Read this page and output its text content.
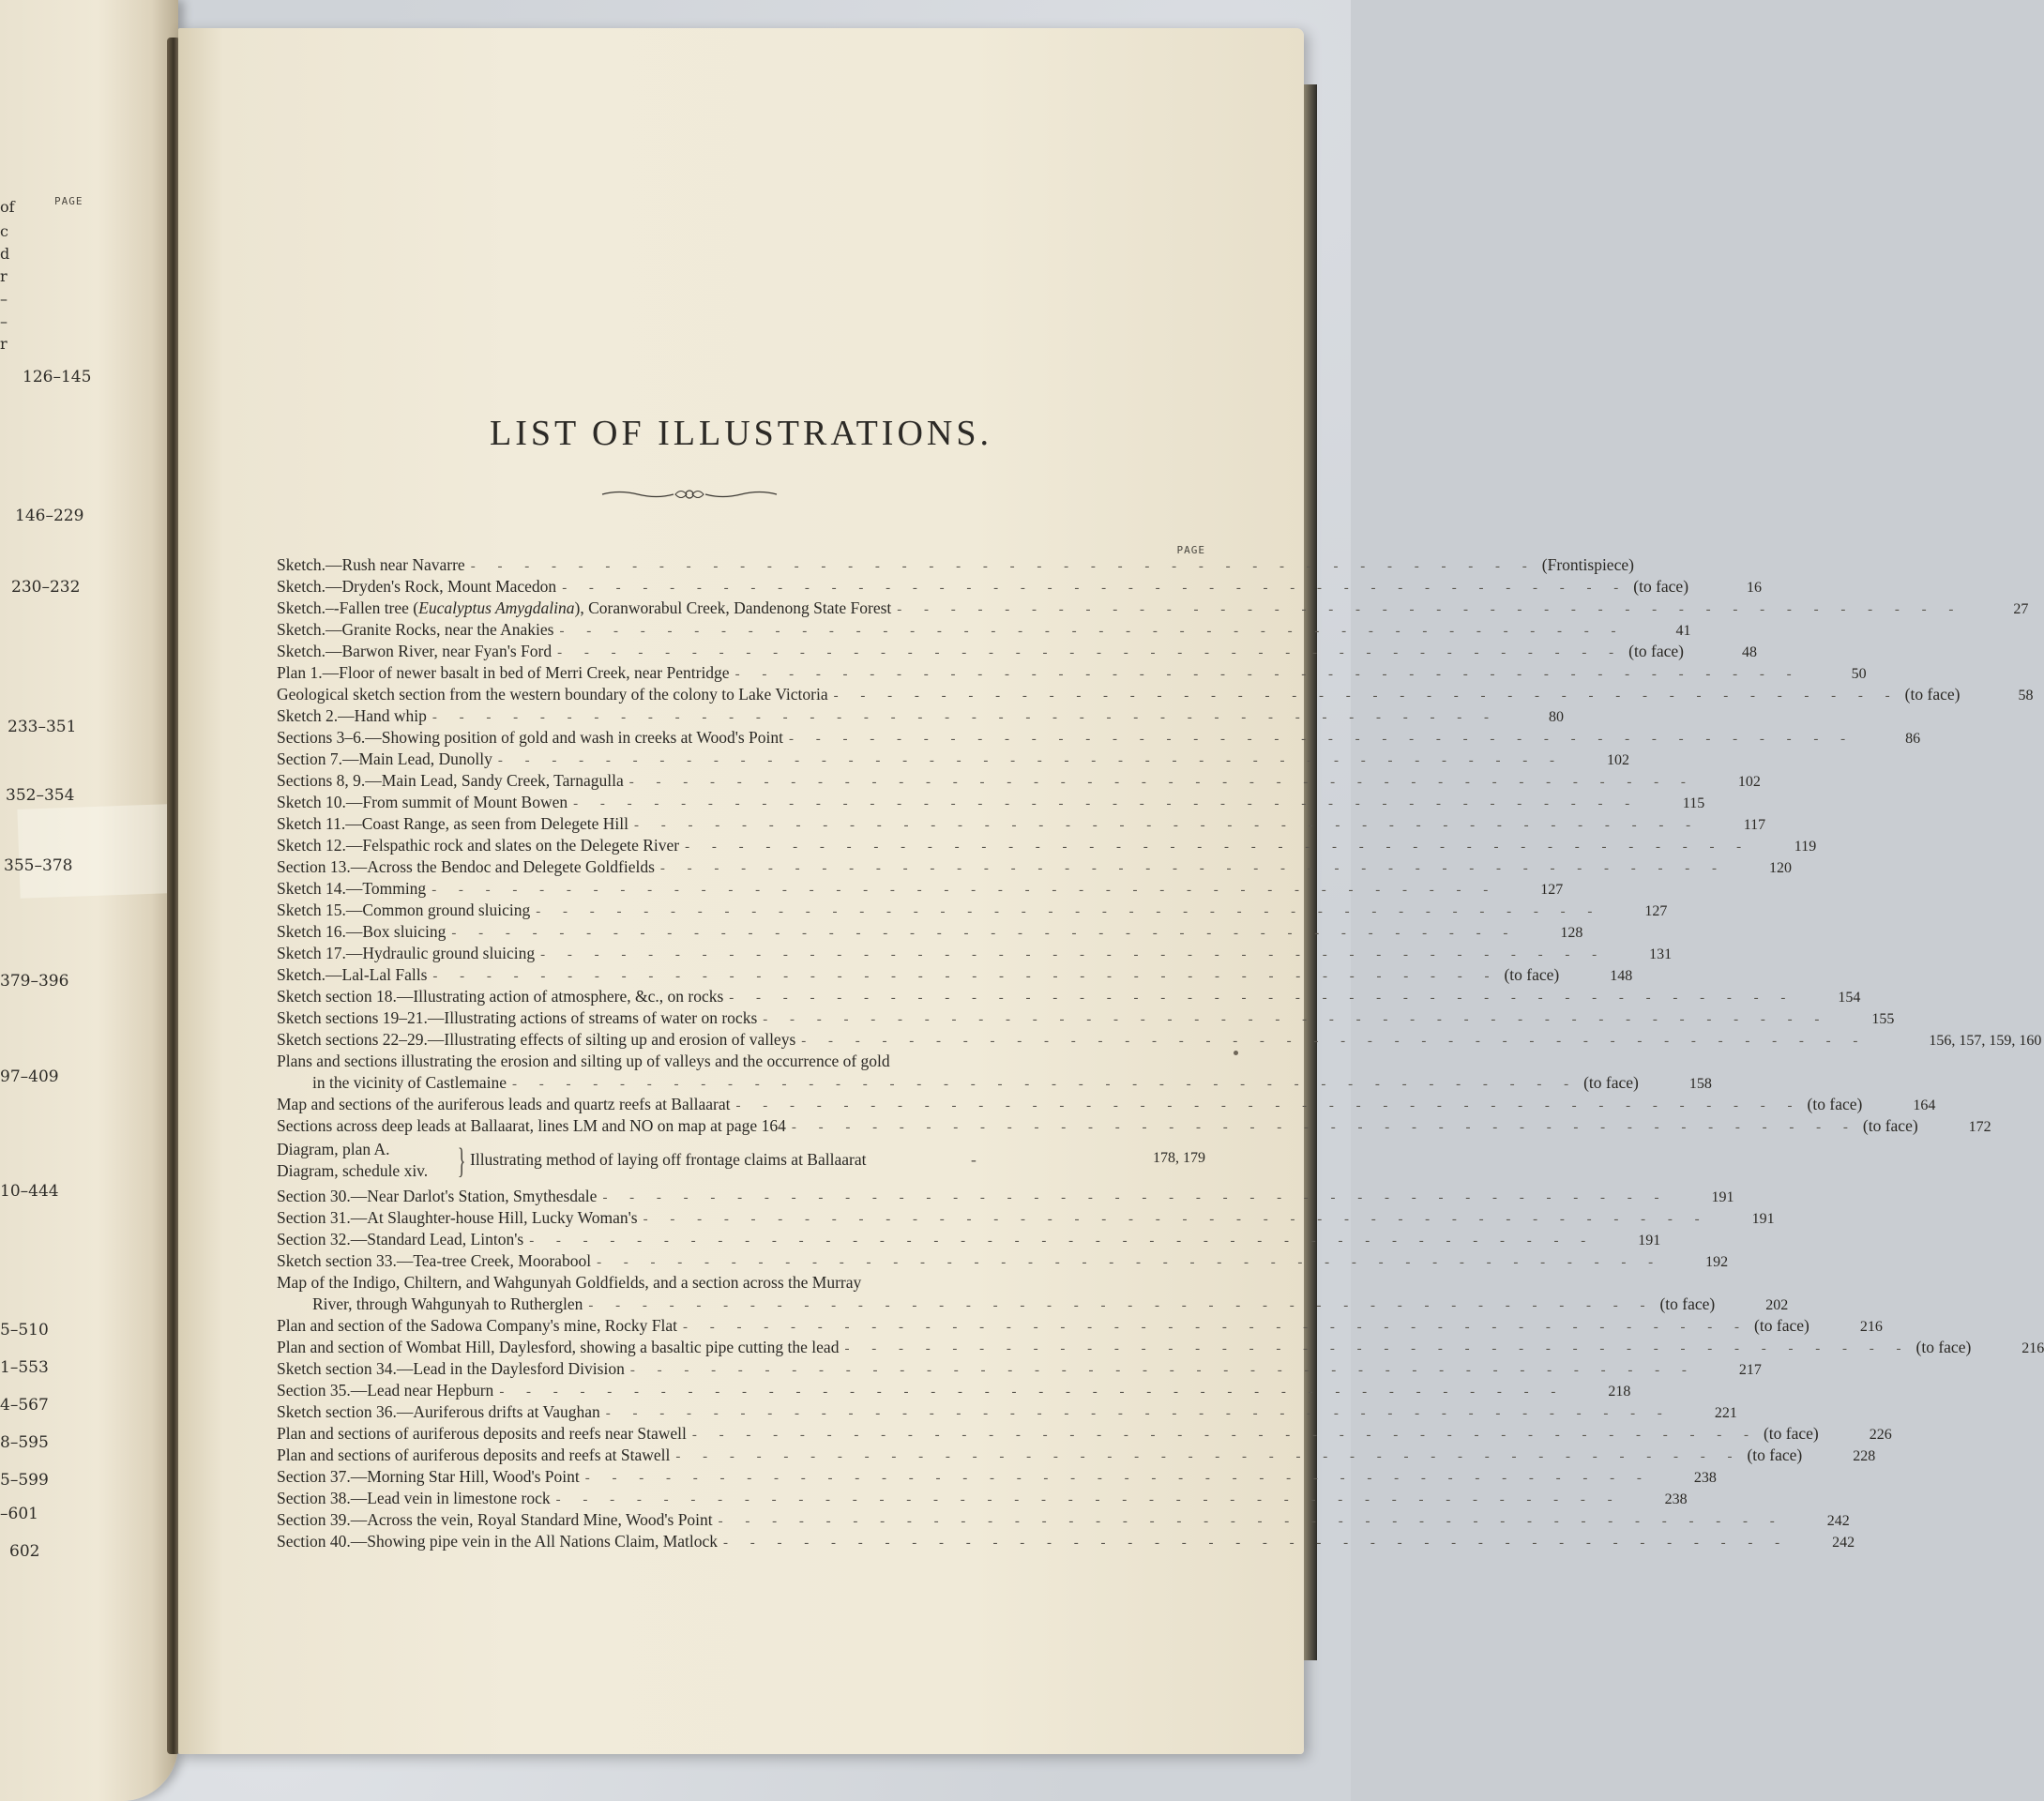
PAGE
of
c
d
r
–
–
r
126–145
146–229
230–232
233–351
352–354
355–378
379–396
97–409
10–444
5–510
1–553
4–567
8–595
5–599
–601
602
LIST OF ILLUSTRATIONS.
PAGE
Sketch.—Rush near Navarre - - - - - - - - - - - - - - - - - - - - - - - - - - - - - - - - - - - - - - - - (Frontispiece)
Sketch.—Dryden's Rock, Mount Macedon - - - - - - - - - - - - - - - - - - - - - - - - - - - - - - - - - - - - - - - - (to face)	16
Sketch.–-Fallen tree (Eucalyptus Amygdalina), Coranworabul Creek, Dandenong State Forest - - - - - - - - - - - - - - - - - - - - - - - - - - - - - - - - - - - - - - - -	27
Sketch.—Granite Rocks, near the Anakies - - - - - - - - - - - - - - - - - - - - - - - - - - - - - - - - - - - - - - - -	41
Sketch.—Barwon River, near Fyan's Ford - - - - - - - - - - - - - - - - - - - - - - - - - - - - - - - - - - - - - - - - (to face)	48
Plan 1.—Floor of newer basalt in bed of Merri Creek, near Pentridge - - - - - - - - - - - - - - - - - - - - - - - - - - - - - - - - - - - - - - - -	50
Geological sketch section from the western boundary of the colony to Lake Victoria - - - - - - - - - - - - - - - - - - - - - - - - - - - - - - - - - - - - - - - - (to face)	58
Sketch 2.—Hand whip - - - - - - - - - - - - - - - - - - - - - - - - - - - - - - - - - - - - - - - -	80
Sections 3–6.—Showing position of gold and wash in creeks at Wood's Point - - - - - - - - - - - - - - - - - - - - - - - - - - - - - - - - - - - - - - - -	86
Section 7.—Main Lead, Dunolly - - - - - - - - - - - - - - - - - - - - - - - - - - - - - - - - - - - - - - - -	102
Sections 8, 9.—Main Lead, Sandy Creek, Tarnagulla - - - - - - - - - - - - - - - - - - - - - - - - - - - - - - - - - - - - - - - -	102
Sketch 10.—From summit of Mount Bowen - - - - - - - - - - - - - - - - - - - - - - - - - - - - - - - - - - - - - - - -	115
Sketch 11.—Coast Range, as seen from Delegete Hill - - - - - - - - - - - - - - - - - - - - - - - - - - - - - - - - - - - - - - - -	117
Sketch 12.—Felspathic rock and slates on the Delegete River - - - - - - - - - - - - - - - - - - - - - - - - - - - - - - - - - - - - - - - -	119
Section 13.—Across the Bendoc and Delegete Goldfields - - - - - - - - - - - - - - - - - - - - - - - - - - - - - - - - - - - - - - - -	120
Sketch 14.—Tomming - - - - - - - - - - - - - - - - - - - - - - - - - - - - - - - - - - - - - - - -	127
Sketch 15.—Common ground sluicing - - - - - - - - - - - - - - - - - - - - - - - - - - - - - - - - - - - - - - - -	127
Sketch 16.—Box sluicing - - - - - - - - - - - - - - - - - - - - - - - - - - - - - - - - - - - - - - - -	128
Sketch 17.—Hydraulic ground sluicing - - - - - - - - - - - - - - - - - - - - - - - - - - - - - - - - - - - - - - - -	131
Sketch.—Lal-Lal Falls - - - - - - - - - - - - - - - - - - - - - - - - - - - - - - - - - - - - - - - - (to face)	148
Sketch section 18.—Illustrating action of atmosphere, &c., on rocks - - - - - - - - - - - - - - - - - - - - - - - - - - - - - - - - - - - - - - - -	154
Sketch sections 19–21.—Illustrating actions of streams of water on rocks - - - - - - - - - - - - - - - - - - - - - - - - - - - - - - - - - - - - - - - -	155
Sketch sections 22–29.—Illustrating effects of silting up and erosion of valleys - - - - - - - - - - - - - - - - - - - - - - - - - - - - - - - - - - - - - - - -	156, 157, 159, 160
Plans and sections illustrating the erosion and silting up of valleys and the occurrence of gold
in the vicinity of Castlemaine - - - - - - - - - - - - - - - - - - - - - - - - - - - - - - - - - - - - - - - - (to face)	158
Map and sections of the auriferous leads and quartz reefs at Ballaarat - - - - - - - - - - - - - - - - - - - - - - - - - - - - - - - - - - - - - - - - (to face)	164
Sections across deep leads at Ballaarat, lines LM and NO on map at page 164 - - - - - - - - - - - - - - - - - - - - - - - - - - - - - - - - - - - - - - - - (to face)	172
Diagram, plan A.
Diagram, schedule xiv. } Illustrating method of laying off frontage claims at Ballaarat	-	178, 179
Section 30.—Near Darlot's Station, Smythesdale - - - - - - - - - - - - - - - - - - - - - - - - - - - - - - - - - - - - - - - -	191
Section 31.—At Slaughter-house Hill, Lucky Woman's - - - - - - - - - - - - - - - - - - - - - - - - - - - - - - - - - - - - - - - -	191
Section 32.—Standard Lead, Linton's - - - - - - - - - - - - - - - - - - - - - - - - - - - - - - - - - - - - - - - -	191
Sketch section 33.—Tea-tree Creek, Moorabool - - - - - - - - - - - - - - - - - - - - - - - - - - - - - - - - - - - - - - - -	192
Map of the Indigo, Chiltern, and Wahgunyah Goldfields, and a section across the Murray
River, through Wahgunyah to Rutherglen - - - - - - - - - - - - - - - - - - - - - - - - - - - - - - - - - - - - - - - - (to face)	202
Plan and section of the Sadowa Company's mine, Rocky Flat - - - - - - - - - - - - - - - - - - - - - - - - - - - - - - - - - - - - - - - - (to face)	216
Plan and section of Wombat Hill, Daylesford, showing a basaltic pipe cutting the lead - - - - - - - - - - - - - - - - - - - - - - - - - - - - - - - - - - - - - - - - (to face)	216
Sketch section 34.—Lead in the Daylesford Division - - - - - - - - - - - - - - - - - - - - - - - - - - - - - - - - - - - - - - - -	217
Section 35.—Lead near Hepburn - - - - - - - - - - - - - - - - - - - - - - - - - - - - - - - - - - - - - - - -	218
Sketch section 36.—Auriferous drifts at Vaughan - - - - - - - - - - - - - - - - - - - - - - - - - - - - - - - - - - - - - - - -	221
Plan and sections of auriferous deposits and reefs near Stawell - - - - - - - - - - - - - - - - - - - - - - - - - - - - - - - - - - - - - - - - (to face)	226
Plan and sections of auriferous deposits and reefs at Stawell - - - - - - - - - - - - - - - - - - - - - - - - - - - - - - - - - - - - - - - - (to face)	228
Section 37.—Morning Star Hill, Wood's Point - - - - - - - - - - - - - - - - - - - - - - - - - - - - - - - - - - - - - - - -	238
Section 38.—Lead vein in limestone rock - - - - - - - - - - - - - - - - - - - - - - - - - - - - - - - - - - - - - - - -	238
Section 39.—Across the vein, Royal Standard Mine, Wood's Point - - - - - - - - - - - - - - - - - - - - - - - - - - - - - - - - - - - - - - - -	242
Section 40.—Showing pipe vein in the All Nations Claim, Matlock - - - - - - - - - - - - - - - - - - - - - - - - - - - - - - - - - - - - - - - -	242
